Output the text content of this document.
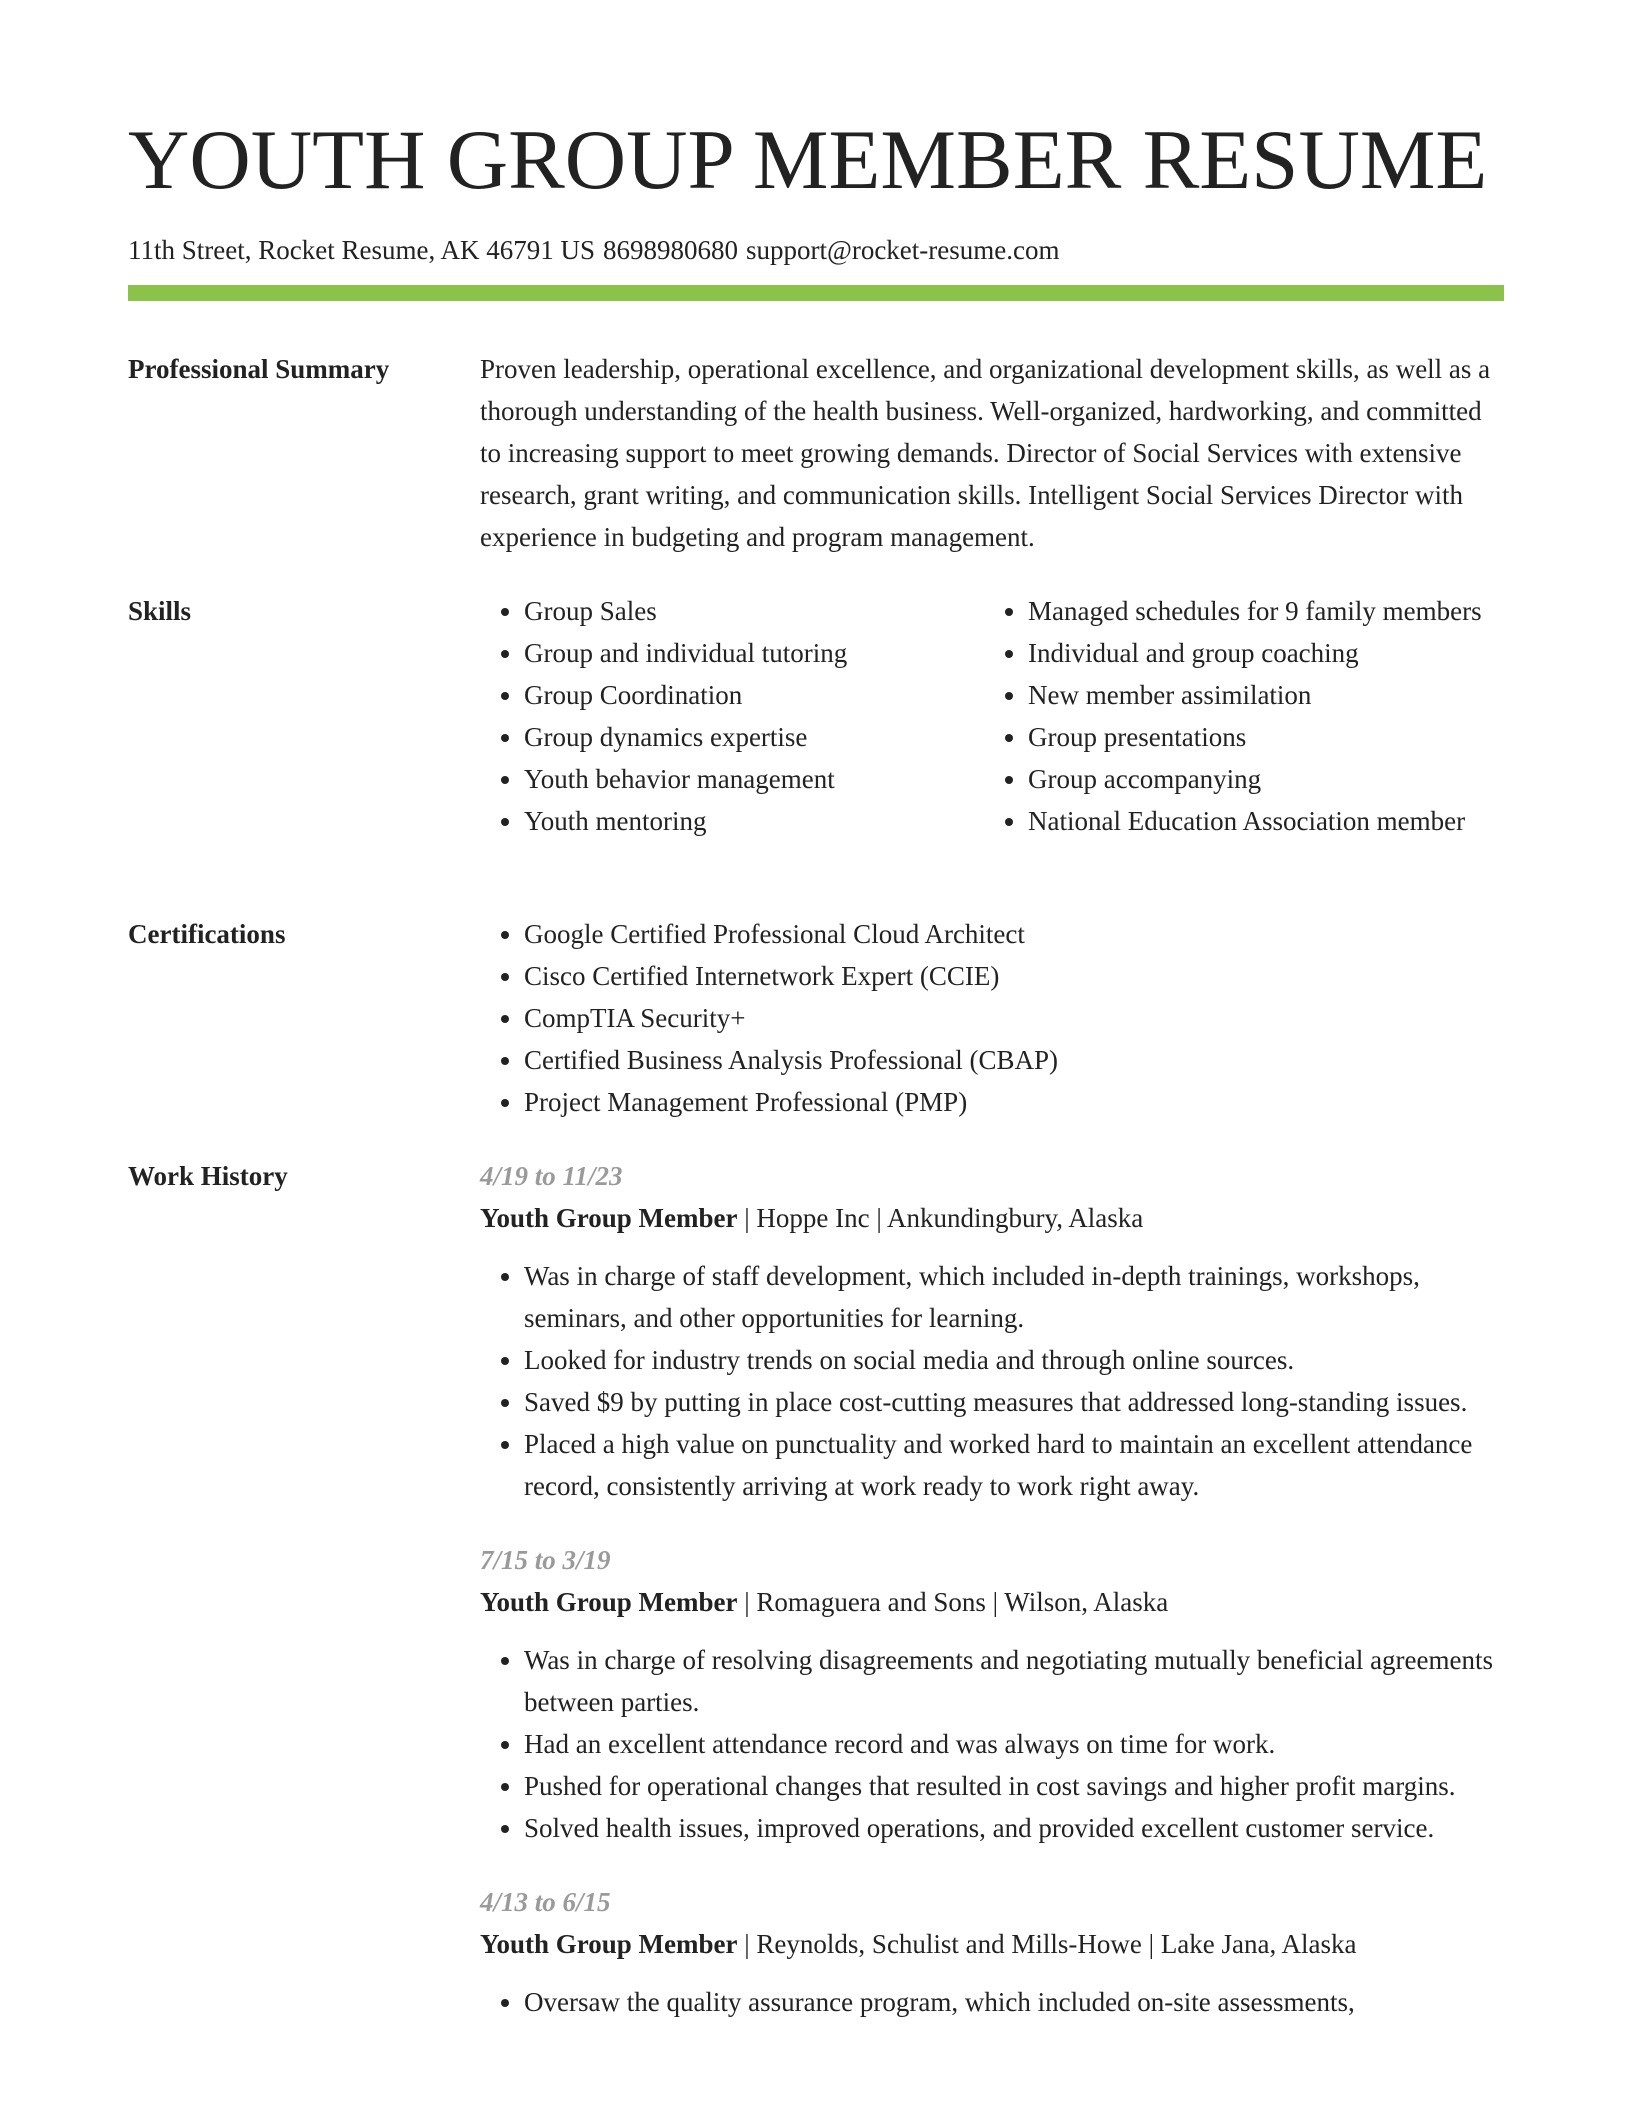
YOUTH GROUP MEMBER RESUME
11th Street, Rocket Resume, AK 46791 US 8698980680 support@rocket-resume.com
Professional Summary	Proven leadership, operational excellence, and organizational development skills, as well as a thorough understanding of the health business. Well-organized, hardworking, and committed to increasing support to meet growing demands. Director of Social Services with extensive research, grant writing, and communication skills. Intelligent Social Services Director with experience in budgeting and program management.

Skills	• Group Sales
• Group and individual tutoring
• Group Coordination
• Group dynamics expertise
• Youth behavior management
• Youth mentoring
• Managed schedules for 9 family members
• Individual and group coaching
• New member assimilation
• Group presentations
• Group accompanying
• National Education Association member
Certifications	• Google Certified Professional Cloud Architect
• Cisco Certified Internetwork Expert (CCIE)
• CompTIA Security+
• Certified Business Analysis Professional (CBAP)
• Project Management Professional (PMP)
Work History	4/19 to 11/23
Youth Group Member | Hoppe Inc | Ankundingbury, Alaska
• Was in charge of staff development, which included in-depth trainings, workshops, seminars, and other opportunities for learning.
• Looked for industry trends on social media and through online sources.
• Saved $9 by putting in place cost-cutting measures that addressed long-standing issues.
• Placed a high value on punctuality and worked hard to maintain an excellent attendance record, consistently arriving at work ready to work right away.
7/15 to 3/19
Youth Group Member | Romaguera and Sons | Wilson, Alaska
• Was in charge of resolving disagreements and negotiating mutually beneficial agreements between parties.
• Had an excellent attendance record and was always on time for work.
• Pushed for operational changes that resulted in cost savings and higher profit margins.
• Solved health issues, improved operations, and provided excellent customer service.
4/13 to 6/15
Youth Group Member | Reynolds, Schulist and Mills-Howe | Lake Jana, Alaska
• Oversaw the quality assurance program, which included on-site assessments,
